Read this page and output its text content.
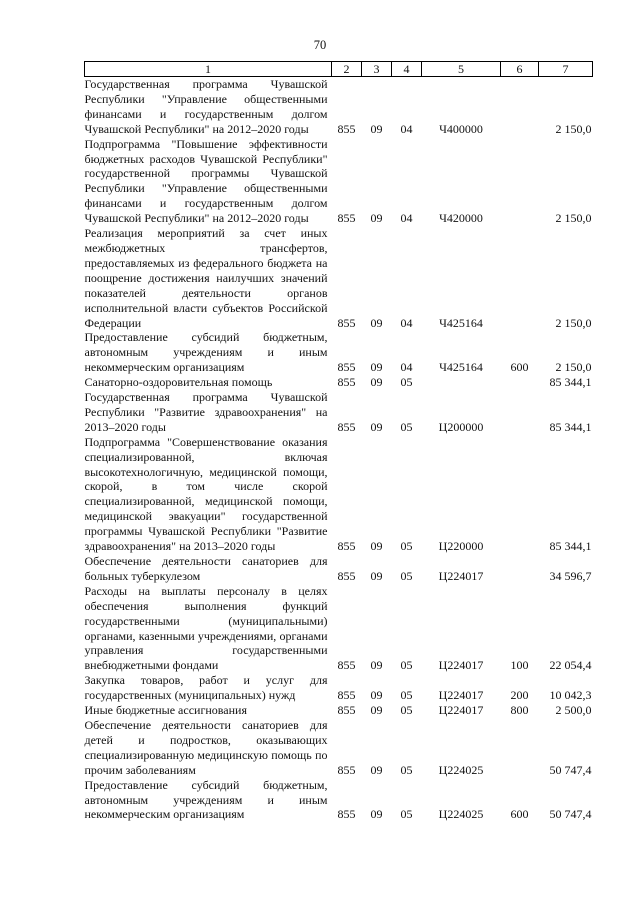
70
1	2	3	4	5	6	7
Государственная программа Чувашской Республики "Управление общественными финансами и государственным долгом Чувашской Республики" на 2012–2020 годы	855	09	04	Ч400000		2 150,0
Подпрограмма "Повышение эффективности бюджетных расходов Чувашской Республики" государственной программы Чувашской Республики "Управление общественными финансами и государственным долгом Чувашской Республики" на 2012–2020 годы	855	09	04	Ч420000		2 150,0
Реализация мероприятий за счет иных межбюджетных трансфертов, предоставляемых из федерального бюджета на поощрение достижения наилучших значений показателей деятельности органов исполнительной власти субъектов Российской Федерации	855	09	04	Ч425164		2 150,0
Предоставление субсидий бюджетным, автономным учреждениям и иным некоммерческим организациям	855	09	04	Ч425164	600	2 150,0
Санаторно-оздоровительная помощь	855	09	05			85 344,1
Государственная программа Чувашской Республики "Развитие здравоохранения" на 2013–2020 годы	855	09	05	Ц200000		85 344,1
Подпрограмма "Совершенствование оказания специализированной, включая высокотехнологичную, медицинской помощи, скорой, в том числе скорой специализированной, медицинской помощи, медицинской эвакуации" государственной программы Чувашской Республики "Развитие здравоохранения" на 2013–2020 годы	855	09	05	Ц220000		85 344,1
Обеспечение деятельности санаториев для больных туберкулезом	855	09	05	Ц224017		34 596,7
Расходы на выплаты персоналу в целях обеспечения выполнения функций государственными (муниципальными) органами, казенными учреждениями, органами управления государственными внебюджетными фондами	855	09	05	Ц224017	100	22 054,4
Закупка товаров, работ и услуг для государственных (муниципальных) нужд	855	09	05	Ц224017	200	10 042,3
Иные бюджетные ассигнования	855	09	05	Ц224017	800	2 500,0
Обеспечение деятельности санаториев для детей и подростков, оказывающих специализированную медицинскую помощь по прочим заболеваниям	855	09	05	Ц224025		50 747,4
Предоставление субсидий бюджетным, автономным учреждениям и иным некоммерческим организациям	855	09	05	Ц224025	600	50 747,4
